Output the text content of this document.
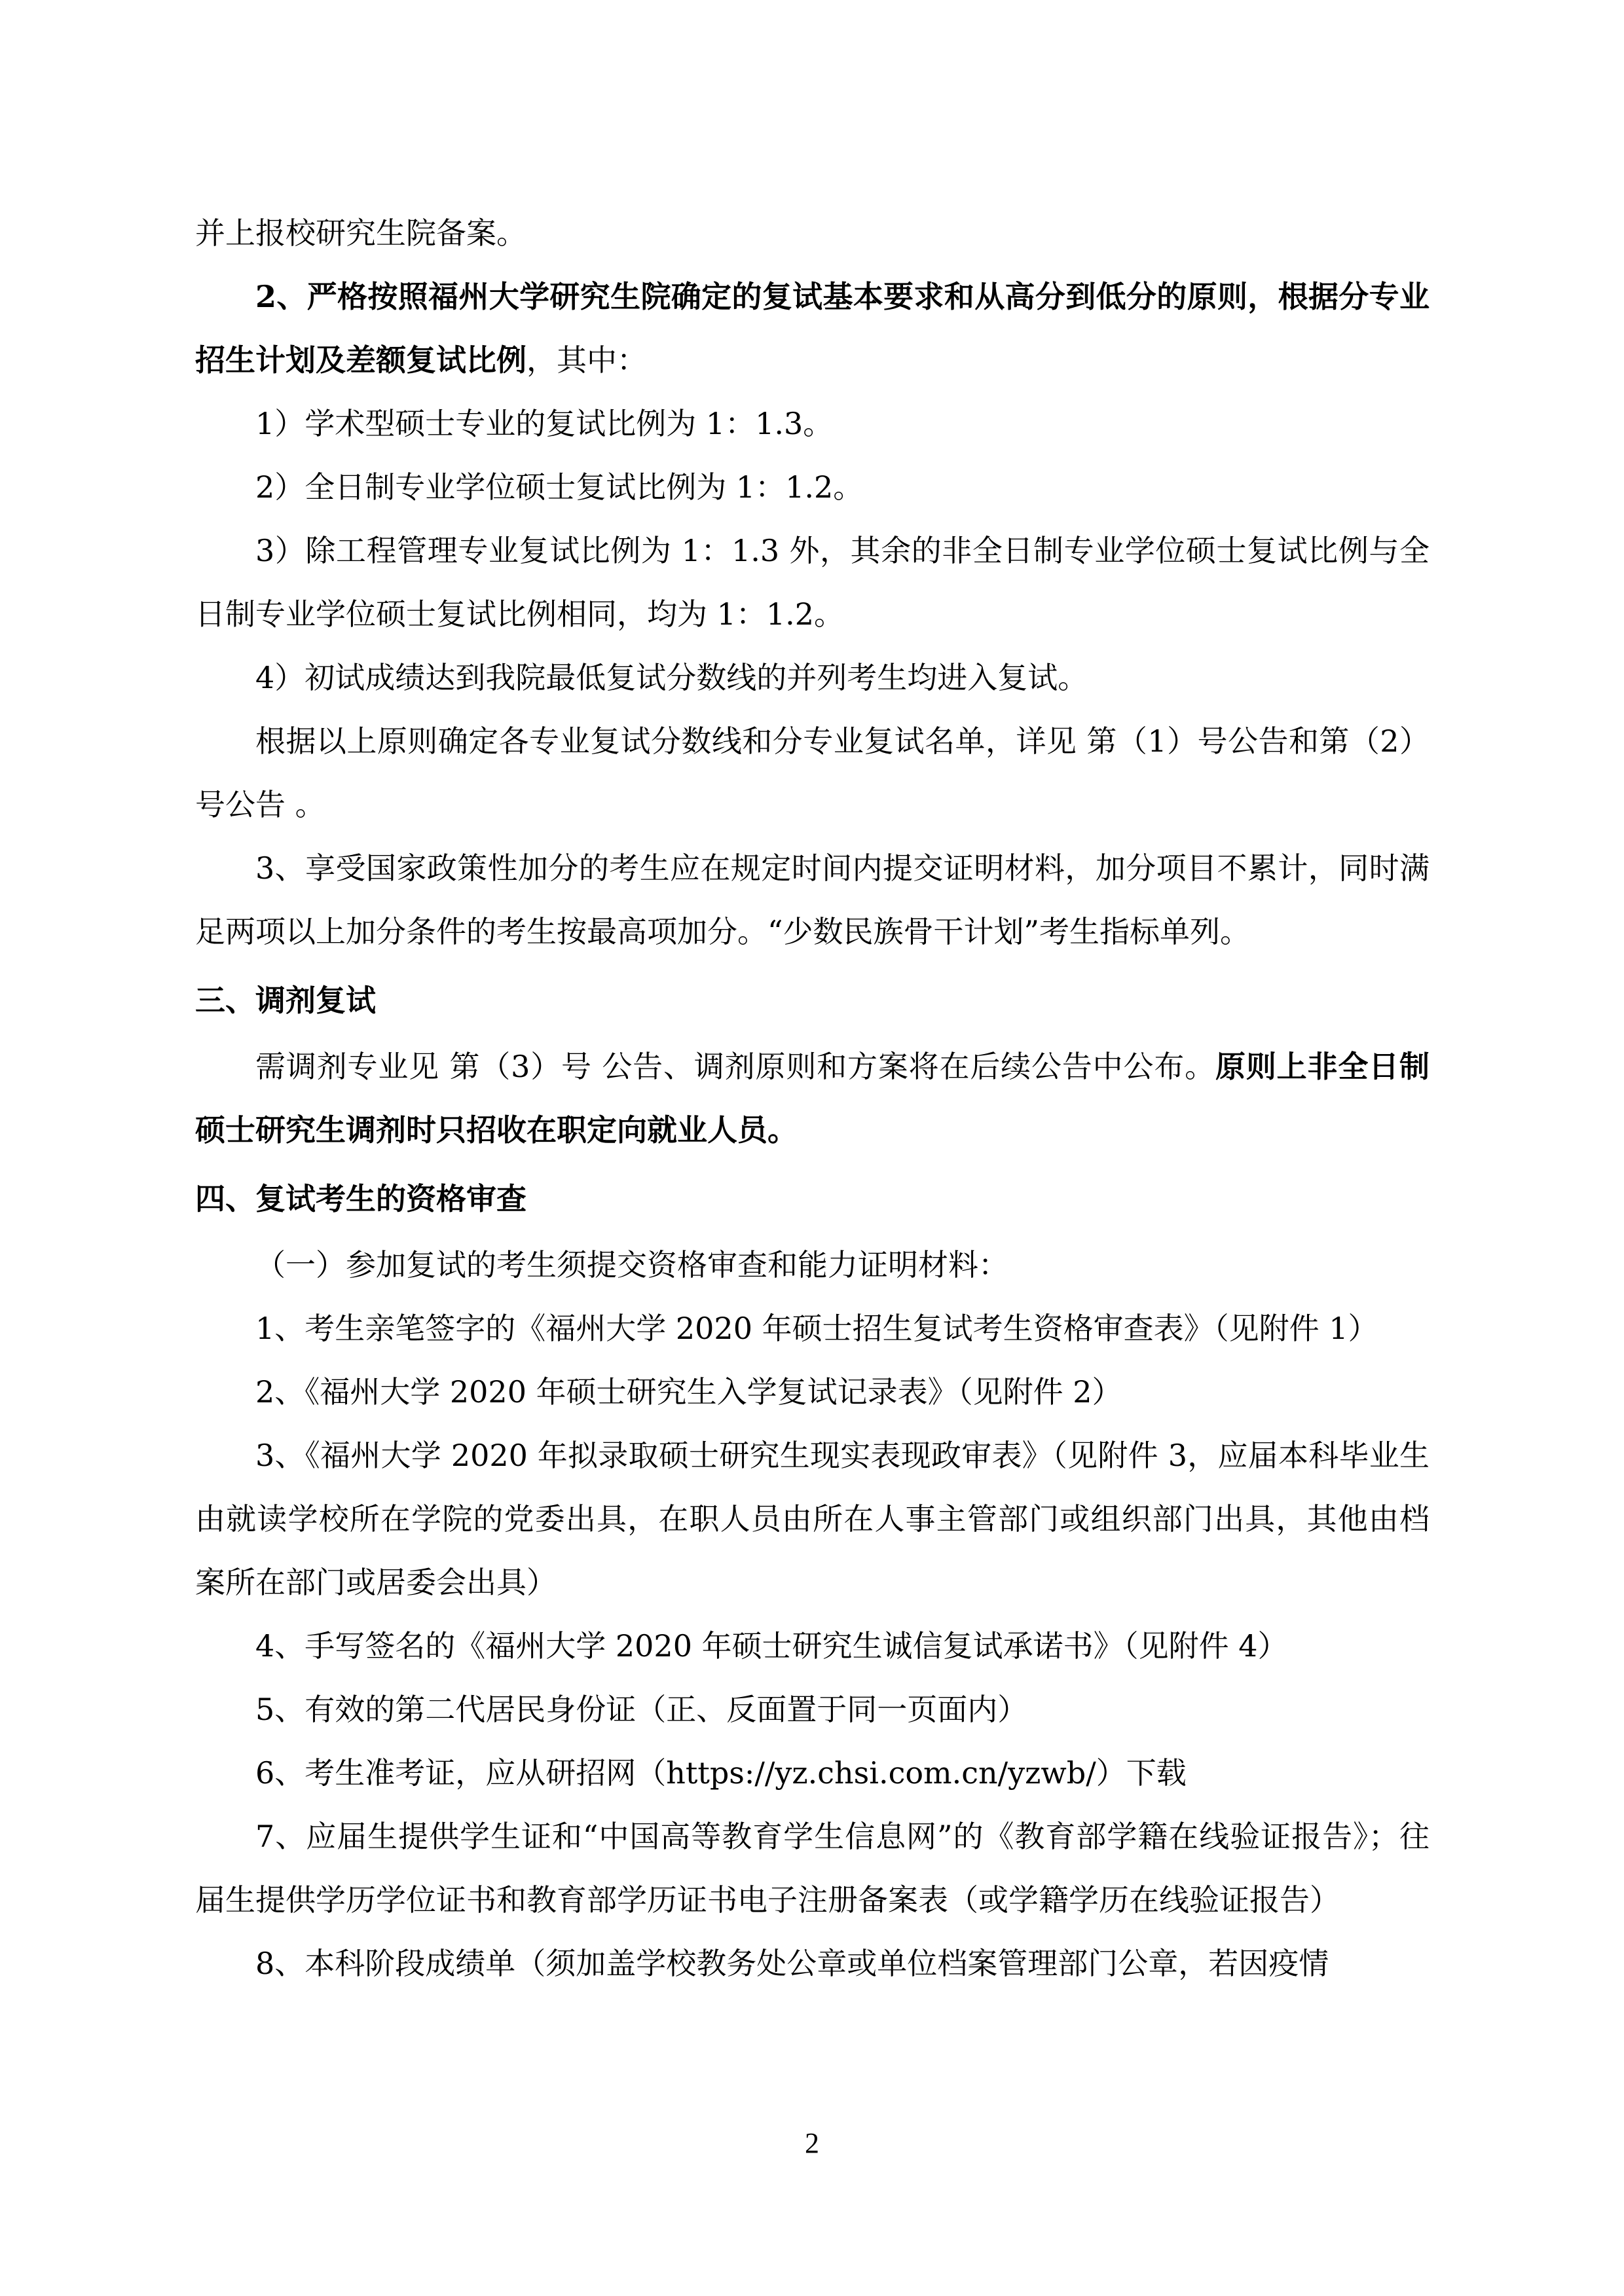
并上报校研究生院备案。

2、严格按照福州大学研究生院确定的复试基本要求和从高分到低分的原则，根据分专业招生计划及差额复试比例，其中：

1）学术型硕士专业的复试比例为 1：1.3。

2）全日制专业学位硕士复试比例为 1：1.2。

3）除工程管理专业复试比例为 1：1.3 外，其余的非全日制专业学位硕士复试比例与全日制专业学位硕士复试比例相同，均为 1：1.2。

4）初试成绩达到我院最低复试分数线的并列考生均进入复试。

根据以上原则确定各专业复试分数线和分专业复试名单，详见 第（1）号公告和第（2）号公告 。

3、享受国家政策性加分的考生应在规定时间内提交证明材料，加分项目不累计，同时满足两项以上加分条件的考生按最高项加分。“少数民族骨干计划”考生指标单列。

三、调剂复试

需调剂专业见 第（3）号 公告、调剂原则和方案将在后续公告中公布。原则上非全日制硕士研究生调剂时只招收在职定向就业人员。

四、复试考生的资格审查

（一）参加复试的考生须提交资格审查和能力证明材料：

1、考生亲笔签字的《福州大学 2020 年硕士招生复试考生资格审查表》（见附件 1）

2、《福州大学 2020 年硕士研究生入学复试记录表》（见附件 2）

3、《福州大学 2020 年拟录取硕士研究生现实表现政审表》（见附件 3，应届本科毕业生由就读学校所在学院的党委出具，在职人员由所在人事主管部门或组织部门出具，其他由档案所在部门或居委会出具）

4、手写签名的《福州大学 2020 年硕士研究生诚信复试承诺书》（见附件 4）

5、有效的第二代居民身份证（正、反面置于同一页面内）

6、考生准考证，应从研招网（https://yz.chsi.com.cn/yzwb/）下载

7、应届生提供学生证和“中国高等教育学生信息网”的《教育部学籍在线验证报告》；往届生提供学历学位证书和教育部学历证书电子注册备案表（或学籍学历在线验证报告）

8、本科阶段成绩单（须加盖学校教务处公章或单位档案管理部门公章，若因疫情

2
